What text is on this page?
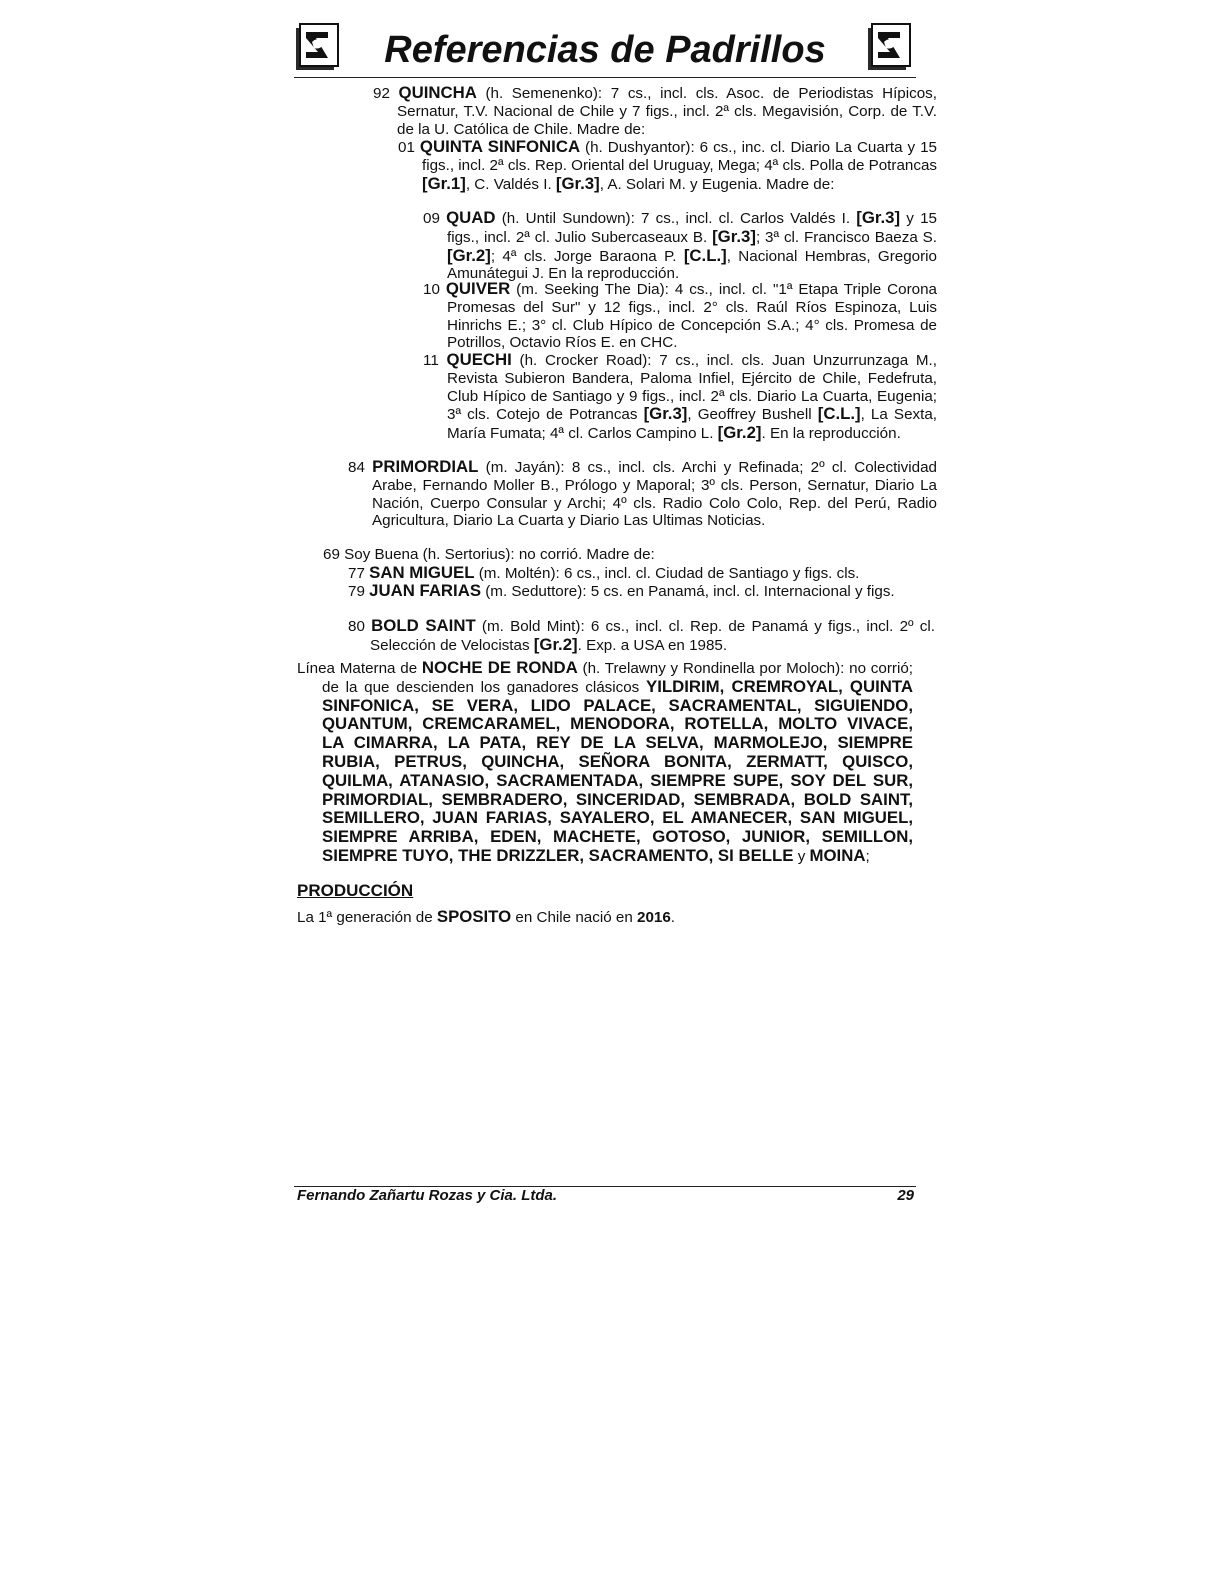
Referencias de Padrillos
92 QUINCHA (h. Semenenko): 7 cs., incl. cls. Asoc. de Periodistas Hípicos, Sernatur, T.V. Nacional de Chile y 7 figs., incl. 2ª cls. Megavisión, Corp. de T.V. de la U. Católica de Chile. Madre de:
01 QUINTA SINFONICA (h. Dushyantor): 6 cs., inc. cl. Diario La Cuarta y 15 figs., incl. 2ª cls. Rep. Oriental del Uruguay, Mega; 4ª cls. Polla de Potrancas [Gr.1], C. Valdés I. [Gr.3], A. Solari M. y Eugenia. Madre de:
09 QUAD (h. Until Sundown): 7 cs., incl. cl. Carlos Valdés I. [Gr.3] y 15 figs., incl. 2ª cl. Julio Subercaseaux B. [Gr.3]; 3ª cl. Francisco Baeza S. [Gr.2]; 4ª cls. Jorge Baraona P. [C.L.], Nacional Hembras, Gregorio Amunátegui J. En la reproducción.
10 QUIVER (m. Seeking The Dia): 4 cs., incl. cl. "1ª Etapa Triple Corona Promesas del Sur" y 12 figs., incl. 2° cls. Raúl Ríos Espinoza, Luis Hinrichs E.; 3° cl. Club Hípico de Concepción S.A.; 4° cls. Promesa de Potrillos, Octavio Ríos E. en CHC.
11 QUECHI (h. Crocker Road): 7 cs., incl. cls. Juan Unzurrunzaga M., Revista Subieron Bandera, Paloma Infiel, Ejército de Chile, Fedefruta, Club Hípico de Santiago y 9 figs., incl. 2ª cls. Diario La Cuarta, Eugenia; 3ª cls. Cotejo de Potrancas [Gr.3], Geoffrey Bushell [C.L.], La Sexta, María Fumata; 4ª cl. Carlos Campino L. [Gr.2]. En la reproducción.
84 PRIMORDIAL (m. Jayán): 8 cs., incl. cls. Archi y Refinada; 2º cl. Colectividad Arabe, Fernando Moller B., Prólogo y Maporal; 3º cls. Person, Sernatur, Diario La Nación, Cuerpo Consular y Archi; 4º cls. Radio Colo Colo, Rep. del Perú, Radio Agricultura, Diario La Cuarta y Diario Las Ultimas Noticias.
69 Soy Buena (h. Sertorius): no corrió. Madre de:
77 SAN MIGUEL (m. Moltén): 6 cs., incl. cl. Ciudad de Santiago y figs. cls.
79 JUAN FARIAS (m. Seduttore): 5 cs. en Panamá, incl. cl. Internacional y figs.
80 BOLD SAINT (m. Bold Mint): 6 cs., incl. cl. Rep. de Panamá y figs., incl. 2º cl. Selección de Velocistas [Gr.2]. Exp. a USA en 1985.
Línea Materna de NOCHE DE RONDA (h. Trelawny y Rondinella por Moloch): no corrió; de la que descienden los ganadores clásicos YILDIRIM, CREMROYAL, QUINTA SINFONICA, SE VERA, LIDO PALACE, SACRAMENTAL, SIGUIENDO, QUANTUM, CREMCARAMEL, MENODORA, ROTELLA, MOLTO VIVACE, LA CIMARRA, LA PATA, REY DE LA SELVA, MARMOLEJO, SIEMPRE RUBIA, PETRUS, QUINCHA, SEÑORA BONITA, ZERMATT, QUISCO, QUILMA, ATANASIO, SACRAMENTADA, SIEMPRE SUPE, SOY DEL SUR, PRIMORDIAL, SEMBRADERO, SINCERIDAD, SEMBRADA, BOLD SAINT, SEMILLERO, JUAN FARIAS, SAYALERO, EL AMANECER, SAN MIGUEL, SIEMPRE ARRIBA, EDEN, MACHETE, GOTOSO, JUNIOR, SEMILLON, SIEMPRE TUYO, THE DRIZZLER, SACRAMENTO, SI BELLE y MOINA;
PRODUCCIÓN
La 1ª generación de SPOSITO en Chile nació en 2016.
Fernando Zañartu Rozas y Cia. Ltda.	29
